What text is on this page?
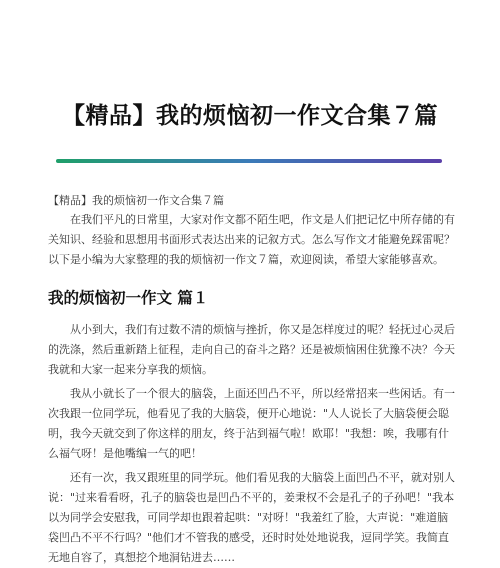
【精品】我的烦恼初一作文合集７篇
【精品】我的烦恼初一作文合集７篇

在我们平凡的日常里，大家对作文都不陌生吧，作文是人们把记忆中所存储的有关知识、经验和思想用书面形式表达出来的记叙方式。怎么写作文才能避免踩雷呢？以下是小编为大家整理的我的烦恼初一作文７篇，欢迎阅读，希望大家能够喜欢。

我的烦恼初一作文 篇１

从小到大，我们有过数不清的烦恼与挫折，你又是怎样度过的呢？轻抚过心灵后的洗涤，然后重新踏上征程，走向自己的奋斗之路？还是被烦恼困住犹豫不决？今天我就和大家一起来分享我的烦恼。

我从小就长了一个很大的脑袋，上面还凹凸不平，所以经常招来一些闲话。有一次我跟一位同学玩，他看见了我的大脑袋，便开心地说："人人说长了大脑袋便会聪明，我今天就交到了你这样的朋友，终于沾到福气啦！欧耶！"我想：唉，我哪有什么福气呀！是他嘴编一气的吧！

还有一次，我又跟班里的同学玩。他们看见我的大脑袋上面凹凸不平，就对别人说："过来看看呀，孔子的脑袋也是凹凸不平的，姜秉权不会是孔子的子孙吧！"我本以为同学会安慰我，可同学却也跟着起哄："对呀！"我羞红了脸，大声说："难道脑袋凹凸不平不行吗？"他们才不管我的感受，还时时处处地说我，逗同学笑。我简直无地自容了，真想挖个地洞钻进去……
